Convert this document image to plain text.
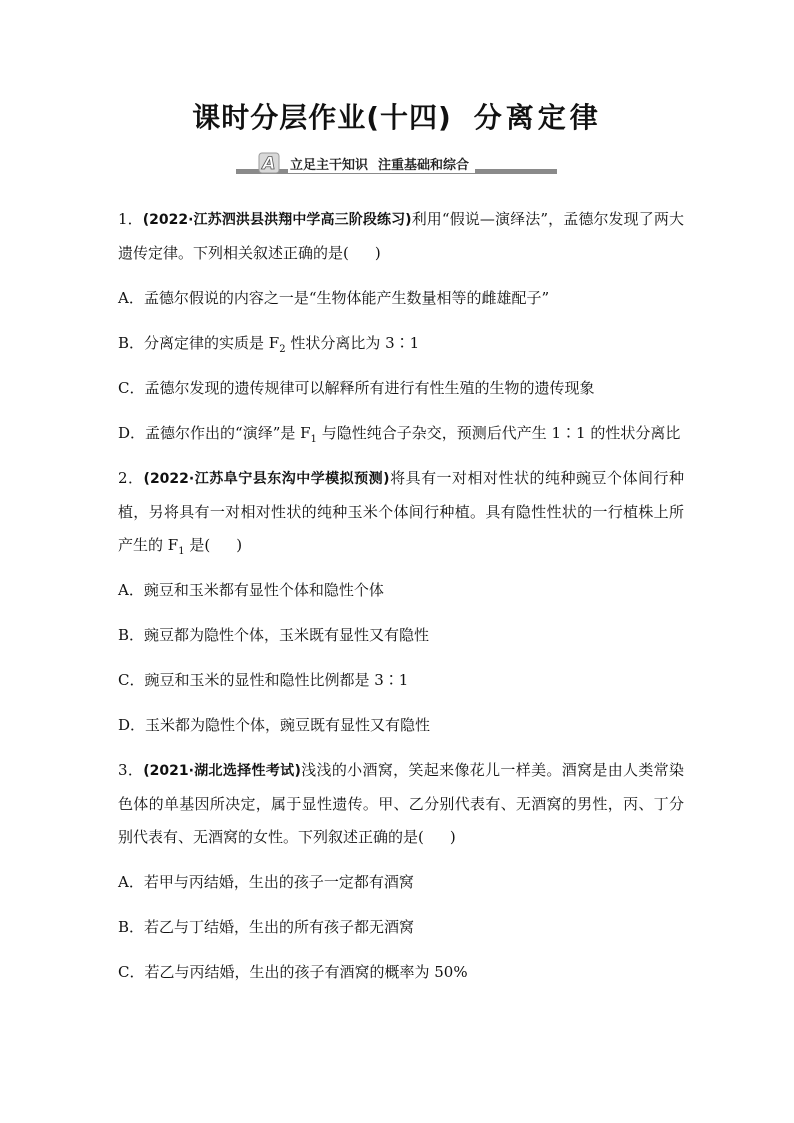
课时分层作业(十四) 分离定律
A 立足主干知识 注重基础和综合
1．(2022·江苏泗洪县洪翔中学高三阶段练习)利用“假说—演绎法”，孟德尔发现了两大遗传定律。下列相关叙述正确的是( )
A．孟德尔假说的内容之一是“生物体能产生数量相等的雌雄配子”
B．分离定律的实质是 $F_2$ 性状分离比为 3∶1
C．孟德尔发现的遗传规律可以解释所有进行有性生殖的生物的遗传现象
D．孟德尔作出的“演绎”是 $F_1$ 与隐性纯合子杂交，预测后代产生 1∶1 的性状分离比
2．(2022·江苏阜宁县东沟中学模拟预测)将具有一对相对性状的纯种豌豆个体间行种植，另将具有一对相对性状的纯种玉米个体间行种植。具有隐性性状的一行植株上所产生的 $F_1$ 是( )
A．豌豆和玉米都有显性个体和隐性个体
B．豌豆都为隐性个体，玉米既有显性又有隐性
C．豌豆和玉米的显性和隐性比例都是 3∶1
D．玉米都为隐性个体，豌豆既有显性又有隐性
3．(2021·湖北选择性考试)浅浅的小酒窝，笑起来像花儿一样美。酒窝是由人类常染色体的单基因所决定，属于显性遗传。甲、乙分别代表有、无酒窝的男性，丙、丁分别代表有、无酒窝的女性。下列叙述正确的是( )
A．若甲与丙结婚，生出的孩子一定都有酒窝
B．若乙与丁结婚，生出的所有孩子都无酒窝
C．若乙与丙结婚，生出的孩子有酒窝的概率为 50%
